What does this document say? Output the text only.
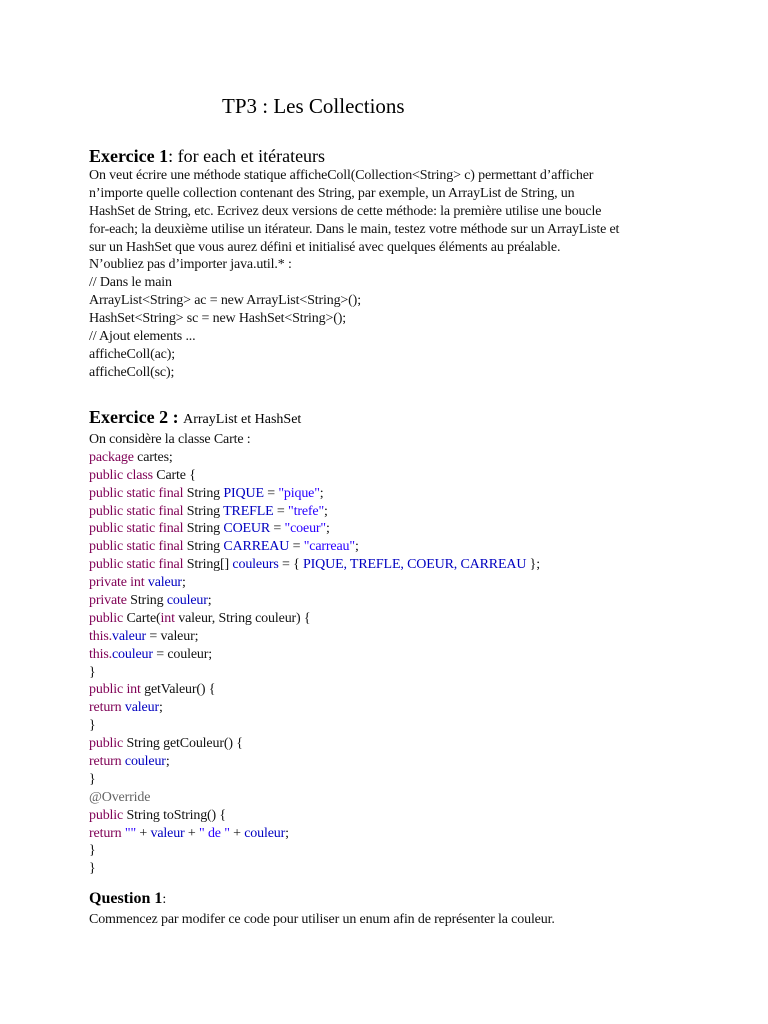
TP3 : Les Collections
Exercice 1: for each et itérateurs
On veut écrire une méthode statique afficheColl(Collection<String> c) permettant d’afficher
n’importe quelle collection contenant des String, par exemple, un ArrayList de String, un
HashSet de String, etc. Ecrivez deux versions de cette méthode: la première utilise une boucle
for-each; la deuxième utilise un itérateur. Dans le main, testez votre méthode sur un ArrayListe et
sur un HashSet que vous aurez défini et initialisé avec quelques éléments au préalable.
N’oubliez pas d’importer java.util.* :
// Dans le main
ArrayList<String> ac = new ArrayList<String>();
HashSet<String> sc = new HashSet<String>();
// Ajout elements ...
afficheColl(ac);
afficheColl(sc);
Exercice 2 : ArrayList et HashSet
On considère la classe Carte :
package cartes;
public class Carte {
public static final String PIQUE = "pique";
public static final String TREFLE = "trefe";
public static final String COEUR = "coeur";
public static final String CARREAU = "carreau";
public static final String[] couleurs = { PIQUE, TREFLE, COEUR, CARREAU };
private int valeur;
private String couleur;
public Carte(int valeur, String couleur) {
this.valeur = valeur;
this.couleur = couleur;
}
public int getValeur() {
return valeur;
}
public String getCouleur() {
return couleur;
}
@Override
public String toString() {
return "" + valeur + " de " + couleur;
}
}
Question 1:
Commencez par modifer ce code pour utiliser un enum afin de représenter la couleur.
